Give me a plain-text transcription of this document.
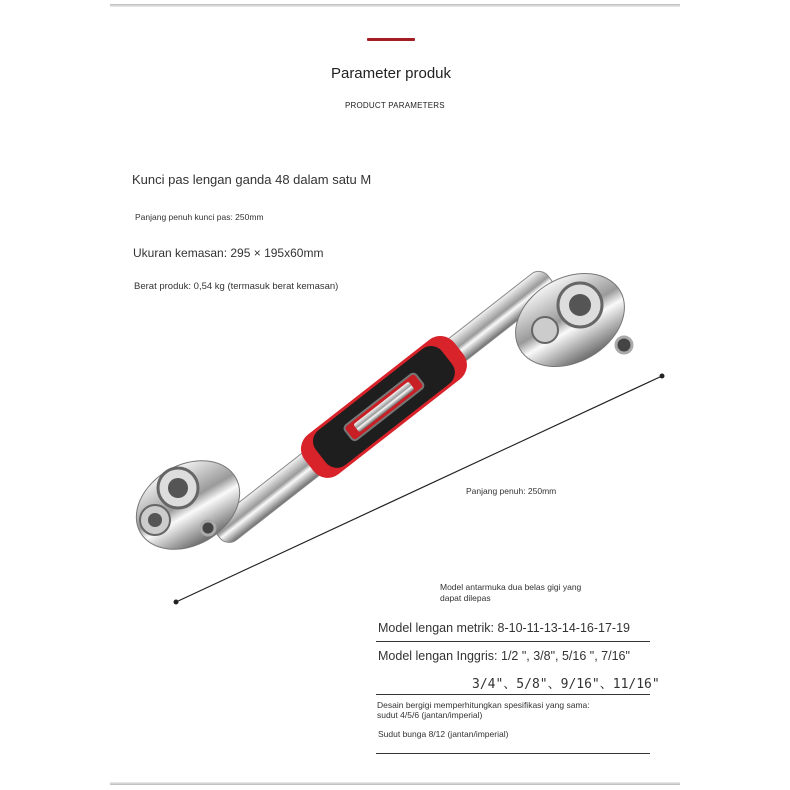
Parameter produk
PRODUCT PARAMETERS
Kunci pas lengan ganda 48 dalam satu M
Panjang penuh kunci pas: 250mm
Ukuran kemasan: 295 × 195x60mm
Berat produk: 0,54 kg (termasuk berat kemasan)
Panjang penuh: 250mm
Model antarmuka dua belas gigi yang
dapat dilepas
Model lengan metrik: 8-10-11-13-14-16-17-19
Model lengan Inggris: 1/2 ", 3/8", 5/16 ", 7/16"
3/4"、5/8"、9/16"、11/16"
Desain bergigi memperhitungkan spesifikasi yang sama:
sudut 4/5/6 (jantan/imperial)
Sudut bunga 8/12 (jantan/imperial)
